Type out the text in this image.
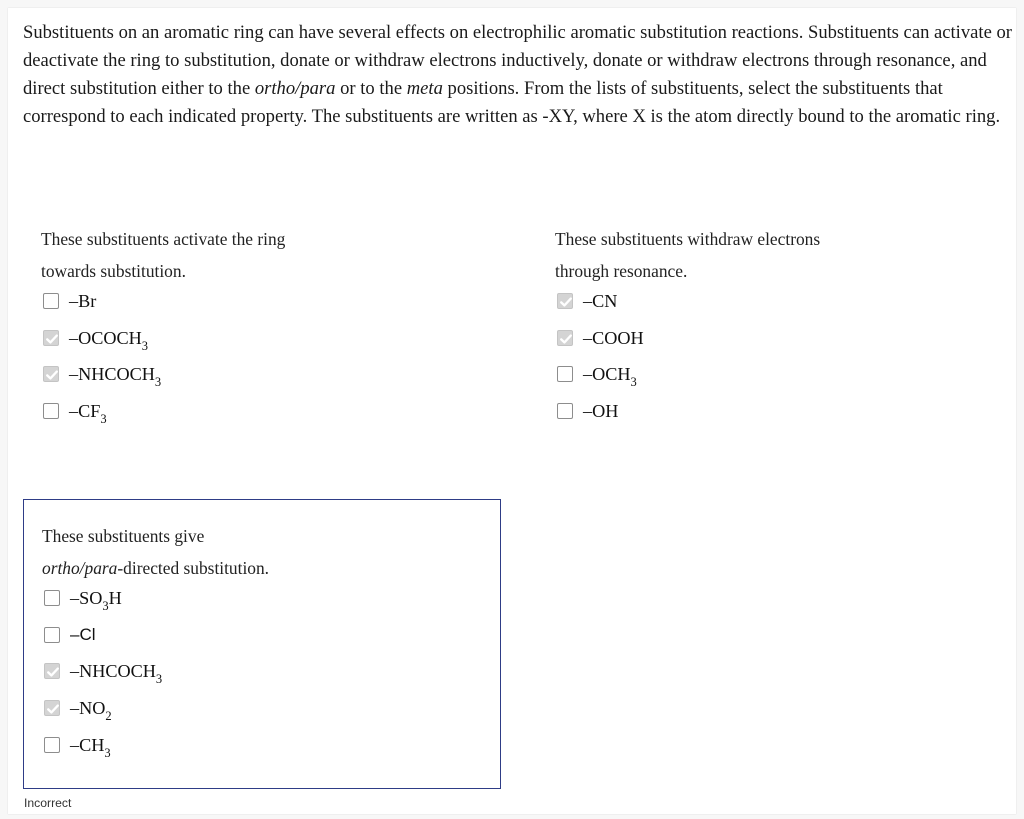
Substituents on an aromatic ring can have several effects on electrophilic aromatic substitution reactions. Substituents can activate or deactivate the ring to substitution, donate or withdraw electrons inductively, donate or withdraw electrons through resonance, and direct substitution either to the ortho/para or to the meta positions. From the lists of substituents, select the substituents that correspond to each indicated property. The substituents are written as -XY, where X is the atom directly bound to the aromatic ring.

These substituents activate the ring
towards substitution.
–Br
$-OCOCH_3$
$-NHCOCH_3$
$-CF_3$
These substituents withdraw electrons
through resonance.
–CN
–COOH
$-OCH_3$
–OH
These substituents give
ortho/para-directed substitution.
$-SO_3H$
–Cl
$-NHCOCH_3$
$-NO_2$
$-CH_3$
Incorrect
